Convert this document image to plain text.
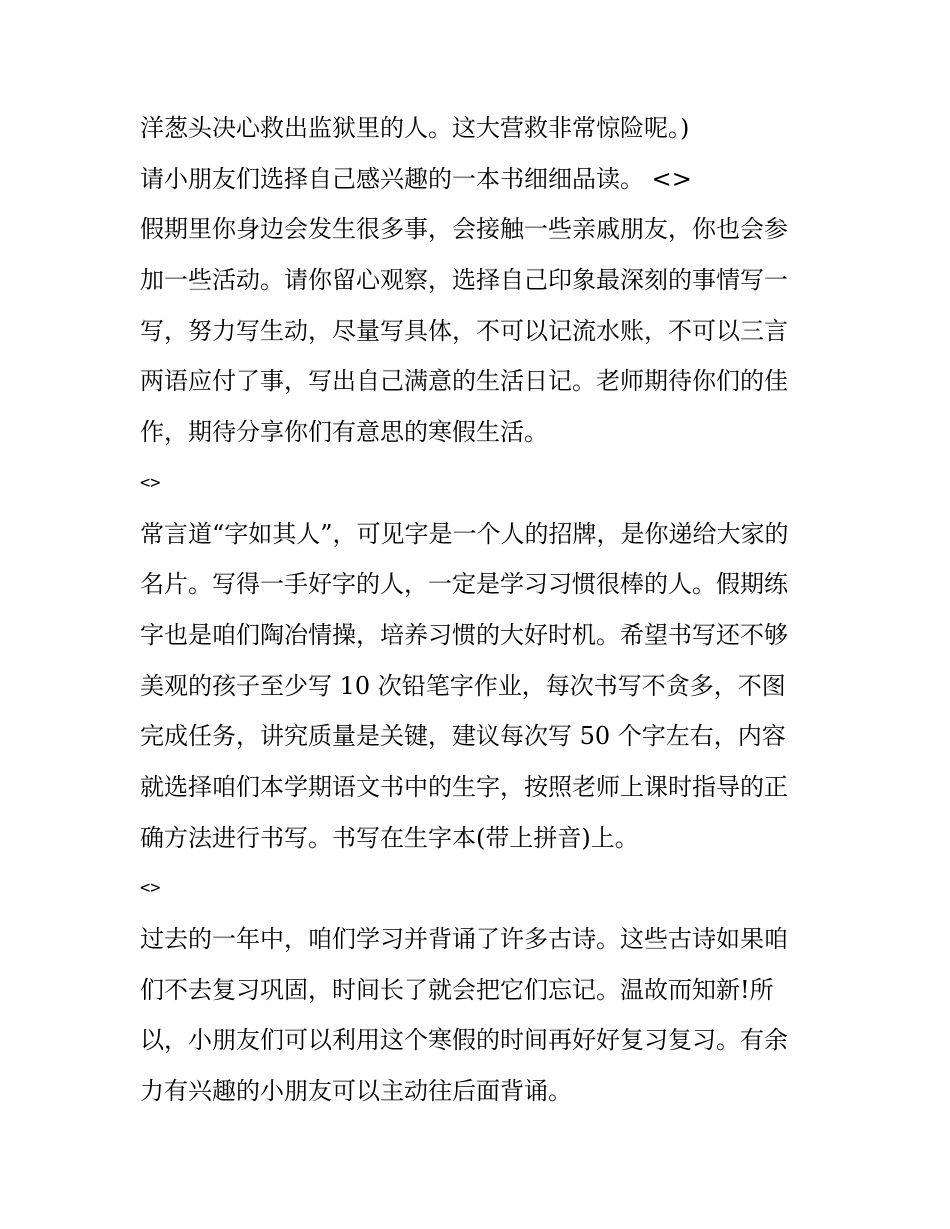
洋葱头决心救出监狱里的人。这大营救非常惊险呢。)
请小朋友们选择自己感兴趣的一本书细细品读。 <>
假期里你身边会发生很多事，会接触一些亲戚朋友，你也会参
加一些活动。请你留心观察，选择自己印象最深刻的事情写一
写，努力写生动，尽量写具体，不可以记流水账，不可以三言
两语应付了事，写出自己满意的生活日记。老师期待你们的佳
作，期待分享你们有意思的寒假生活。
<>
常言道“字如其人”，可见字是一个人的招牌，是你递给大家的
名片。写得一手好字的人，一定是学习习惯很棒的人。假期练
字也是咱们陶冶情操，培养习惯的大好时机。希望书写还不够
美观的孩子至少写 10 次铅笔字作业，每次书写不贪多，不图
完成任务，讲究质量是关键，建议每次写 50 个字左右，内容
就选择咱们本学期语文书中的生字，按照老师上课时指导的正
确方法进行书写。书写在生字本(带上拼音)上。
<>
过去的一年中，咱们学习并背诵了许多古诗。这些古诗如果咱
们不去复习巩固，时间长了就会把它们忘记。温故而知新!所
以，小朋友们可以利用这个寒假的时间再好好复习复习。有余
力有兴趣的小朋友可以主动往后面背诵。
